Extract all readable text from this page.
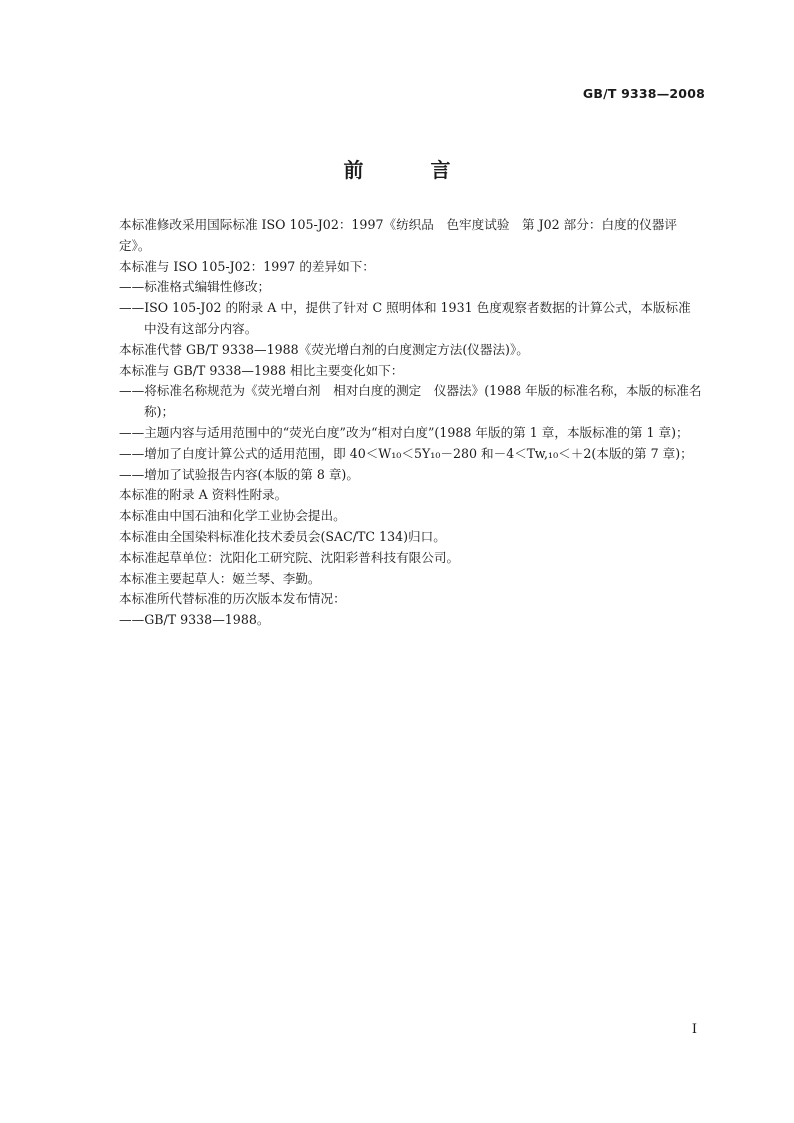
GB/T 9338—2008
前 言

本标准修改采用国际标准 ISO 105-J02：1997《纺织品　色牢度试验　第 J02 部分：白度的仪器评定》。

本标准与 ISO 105-J02：1997 的差异如下：

——标准格式编辑性修改；

——ISO 105-J02 的附录 A 中，提供了针对 C 照明体和 1931 色度观察者数据的计算公式，本版标准中没有这部分内容。

本标准代替 GB/T 9338—1988《荧光增白剂的白度测定方法(仪器法)》。

本标准与 GB/T 9338—1988 相比主要变化如下：

——将标准名称规范为《荧光增白剂　相对白度的测定　仪器法》(1988 年版的标准名称，本版的标准名称)；

——主题内容与适用范围中的“荧光白度”改为“相对白度”(1988 年版的第 1 章，本版标准的第 1 章)；

——增加了白度计算公式的适用范围，即 40＜W₁₀＜5Y₁₀－280 和－4＜Tw,₁₀＜＋2(本版的第 7 章)；

——增加了试验报告内容(本版的第 8 章)。

本标准的附录 A 资料性附录。

本标准由中国石油和化学工业协会提出。

本标准由全国染料标准化技术委员会(SAC/TC 134)归口。

本标准起草单位：沈阳化工研究院、沈阳彩普科技有限公司。

本标准主要起草人：姬兰琴、李勤。

本标准所代替标准的历次版本发布情况：

——GB/T 9338—1988。

I
